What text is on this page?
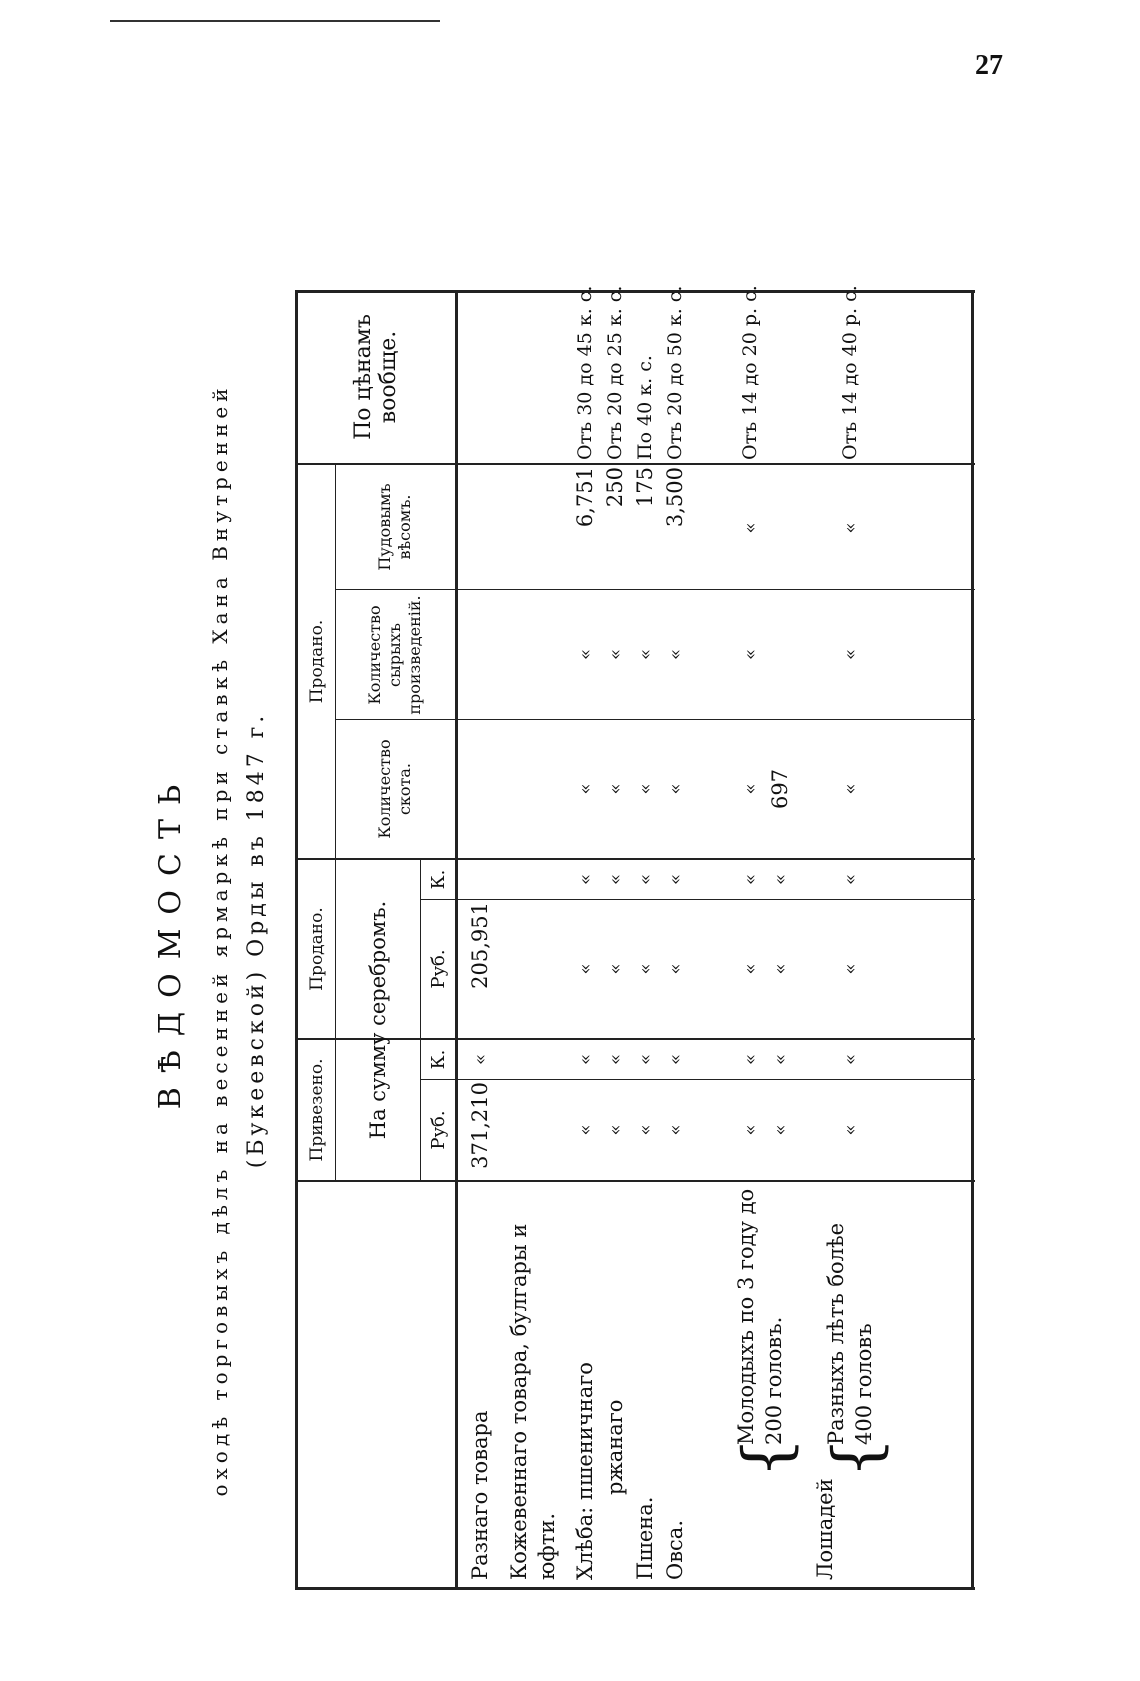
27
ВѢДОМОСТЬ оходѣ торговыхъ дѣлъ на весенней ярмаркѣ при ставкѣ Хана Внутренней (Букеевской) Орды въ 1847 г.	Привезено.
Продано.
Продано.
На сумму серебромъ.	Руб.
К.
Руб.
К.
Количество скота.
Количество сырыхъ произведеній.
Пудовымъ вѣсомъ.
По цѣнамъ вообще.
Разнаго товара
371,210
«
205,951
Кожевеннаго товара, булгары и юфти. Хлѣба: пшеничнаго ржанаго
Пшена. Овса.
«
«
«
«
«
«
6,751
Отъ 30 до 45 к. с.
«
«
«
«
«
«
250
Отъ 20 до 25 к. с.
«
«
«
«
«
«
175
По 40 к. с.
«
«
«
«
«
«
3,500
Отъ 20 до 50 к. с.
Лошадей
{
Молодыхъ по 3 году до 200 головъ.
{
Разныхъ лѣтъ болѣе 400 головъ
«
«
«
«
«
«
«
Отъ 14 до 20 р. с.
«
«
«
«
697
«
«
«
«
«
«
«
Отъ 14 до 40 р. с.
